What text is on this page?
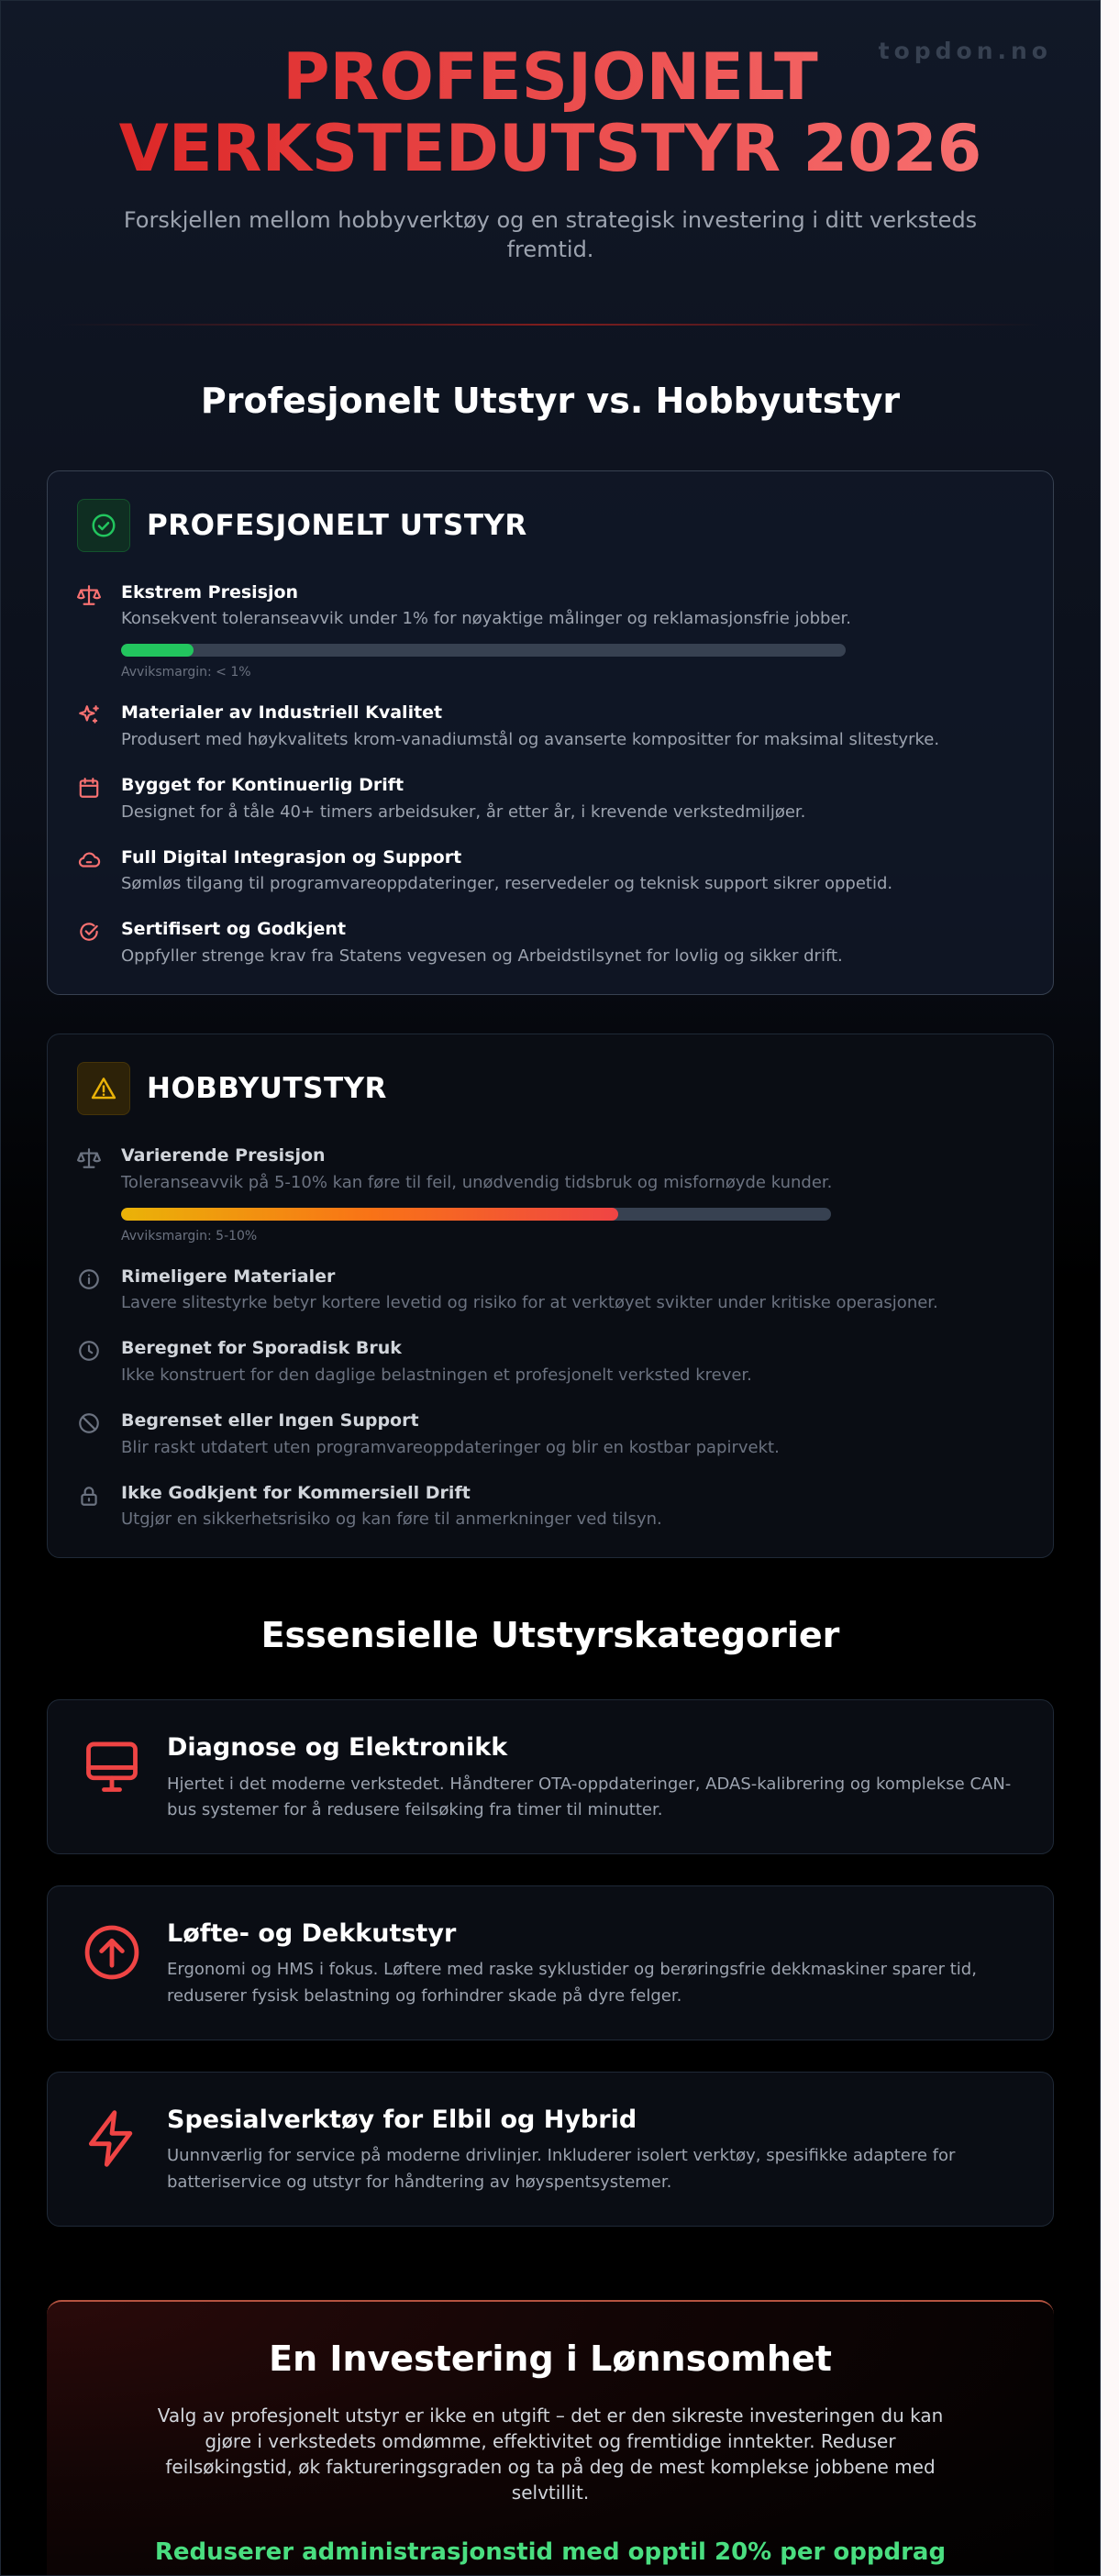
topdon.no
PROFESJONELT
VERKSTEDUTSTYR 2026

Forskjellen mellom hobbyverktøy og en strategisk investering i ditt verksteds fremtid.

Profesjonelt Utstyr vs. Hobbyutstyr
PROFESJONELT UTSTYR
Ekstrem Presisjon
Konsekvent toleranseavvik under 1% for nøyaktige målinger og reklamasjonsfrie jobber.
Avviksmargin: < 1%
Materialer av Industriell Kvalitet
Produsert med høykvalitets krom-vanadiumstål og avanserte kompositter for maksimal slitestyrke.
Bygget for Kontinuerlig Drift
Designet for å tåle 40+ timers arbeidsuker, år etter år, i krevende verkstedmiljøer.
Full Digital Integrasjon og Support
Sømløs tilgang til programvareoppdateringer, reservedeler og teknisk support sikrer oppetid.
Sertifisert og Godkjent
Oppfyller strenge krav fra Statens vegvesen og Arbeidstilsynet for lovlig og sikker drift.
HOBBYUTSTYR
Varierende Presisjon
Toleranseavvik på 5-10% kan føre til feil, unødvendig tidsbruk og misfornøyde kunder.
Avviksmargin: 5-10%
Rimeligere Materialer
Lavere slitestyrke betyr kortere levetid og risiko for at verktøyet svikter under kritiske operasjoner.
Beregnet for Sporadisk Bruk
Ikke konstruert for den daglige belastningen et profesjonelt verksted krever.
Begrenset eller Ingen Support
Blir raskt utdatert uten programvareoppdateringer og blir en kostbar papirvekt.
Ikke Godkjent for Kommersiell Drift
Utgjør en sikkerhetsrisiko og kan føre til anmerkninger ved tilsyn.
Essensielle Utstyrskategorier
Diagnose og Elektronikk
Hjertet i det moderne verkstedet. Håndterer OTA-oppdateringer, ADAS-kalibrering og komplekse CAN-bus systemer for å redusere feilsøking fra timer til minutter.
Løfte- og Dekkutstyr
Ergonomi og HMS i fokus. Løftere med raske syklustider og berøringsfrie dekkmaskiner sparer tid, reduserer fysisk belastning og forhindrer skade på dyre felger.
Spesialverktøy for Elbil og Hybrid
Uunnværlig for service på moderne drivlinjer. Inkluderer isolert verktøy, spesifikke adaptere for batteriservice og utstyr for håndtering av høyspentsystemer.
En Investering i Lønnsomhet

Valg av profesjonelt utstyr er ikke en utgift – det er den sikreste investeringen du kan gjøre i verkstedets omdømme, effektivitet og fremtidige inntekter. Reduser feilsøkingstid, øk faktureringsgraden og ta på deg de mest komplekse jobbene med selvtillit.

Reduserer administrasjonstid med opptil 20% per oppdrag
